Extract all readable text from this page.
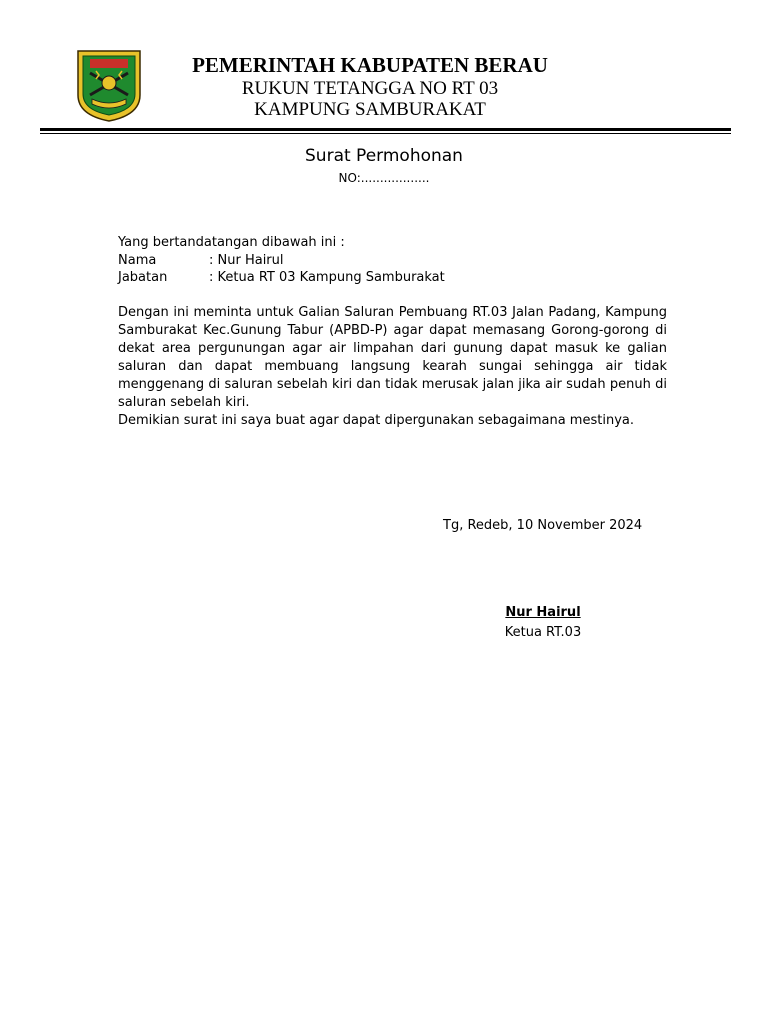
PEMERINTAH KABUPATEN BERAU
RUKUN TETANGGA NO RT 03
KAMPUNG SAMBURAKAT
Surat Permohonan
NO:..................
Yang bertandatangan dibawah ini :
Nama	: Nur Hairul
Jabatan	: Ketua RT 03 Kampung Samburakat
Dengan ini meminta untuk Galian Saluran Pembuang RT.03 Jalan Padang, Kampung Samburakat Kec.Gunung Tabur (APBD-P) agar dapat memasang Gorong-gorong di dekat area pergunungan agar air limpahan dari gunung dapat masuk ke galian saluran dan dapat membuang langsung kearah sungai sehingga air tidak menggenang di saluran sebelah kiri dan tidak merusak jalan jika air sudah penuh di saluran sebelah kiri.
Demikian surat ini saya buat agar dapat dipergunakan sebagaimana mestinya.
Tg, Redeb, 10 November 2024
Nur Hairul
Ketua RT.03
